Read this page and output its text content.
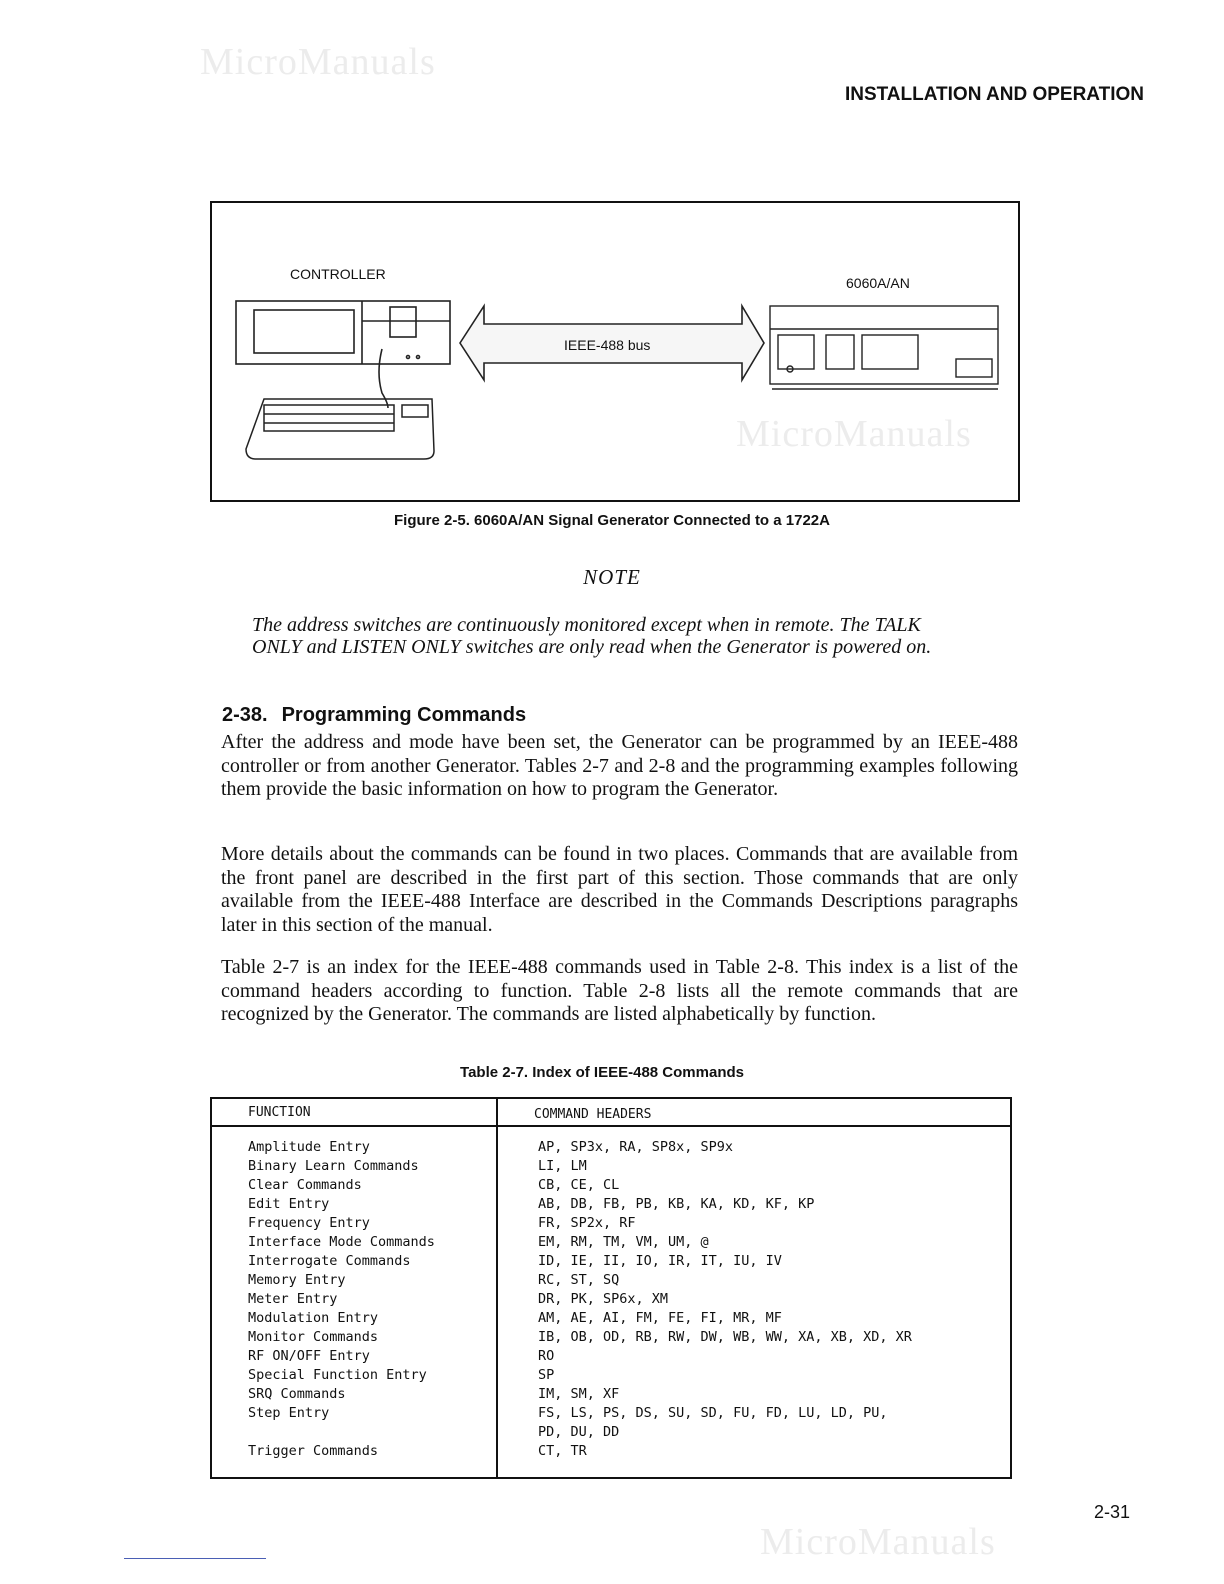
MicroManuals
MicroManuals
MicroManuals
INSTALLATION AND OPERATION
CONTROLLER
6060A/AN
IEEE-488 bus
Figure 2-5. 6060A/AN Signal Generator Connected to a 1722A
NOTE
The address switches are continuously monitored except when in remote. The TALK ONLY and LISTEN ONLY switches are only read when the Generator is powered on.
2-38. Programming Commands

After the address and mode have been set, the Generator can be programmed by an IEEE-488 controller or from another Generator. Tables 2-7 and 2-8 and the programming examples following them provide the basic information on how to program the Generator.

More details about the commands can be found in two places. Commands that are available from the front panel are described in the first part of this section. Those commands that are only available from the IEEE-488 Interface are described in the Commands Descriptions paragraphs later in this section of the manual.

Table 2-7 is an index for the IEEE-488 commands used in Table 2-8. This index is a list of the command headers according to function. Table 2-8 lists all the remote commands that are recognized by the Generator. The commands are listed alphabetically by function.

Table 2-7. Index of IEEE-488 Commands
FUNCTION	COMMAND HEADERS
Amplitude Entry	AP, SP3x, RA, SP8x, SP9x
Binary Learn Commands	LI, LM
Clear Commands	CB, CE, CL
Edit Entry	AB, DB, FB, PB, KB, KA, KD, KF, KP
Frequency Entry	FR, SP2x, RF
Interface Mode Commands	EM, RM, TM, VM, UM, @
Interrogate Commands	ID, IE, II, IO, IR, IT, IU, IV
Memory Entry	RC, ST, SQ
Meter Entry	DR, PK, SP6x, XM
Modulation Entry	AM, AE, AI, FM, FE, FI, MR, MF
Monitor Commands	IB, OB, OD, RB, RW, DW, WB, WW, XA, XB, XD, XR
RF ON/OFF Entry	RO
Special Function Entry	SP
SRQ Commands	IM, SM, XF
Step Entry	FS, LS, PS, DS, SU, SD, FU, FD, LU, LD, PU,
PD, DU, DD
Trigger Commands	CT, TR
2-31
